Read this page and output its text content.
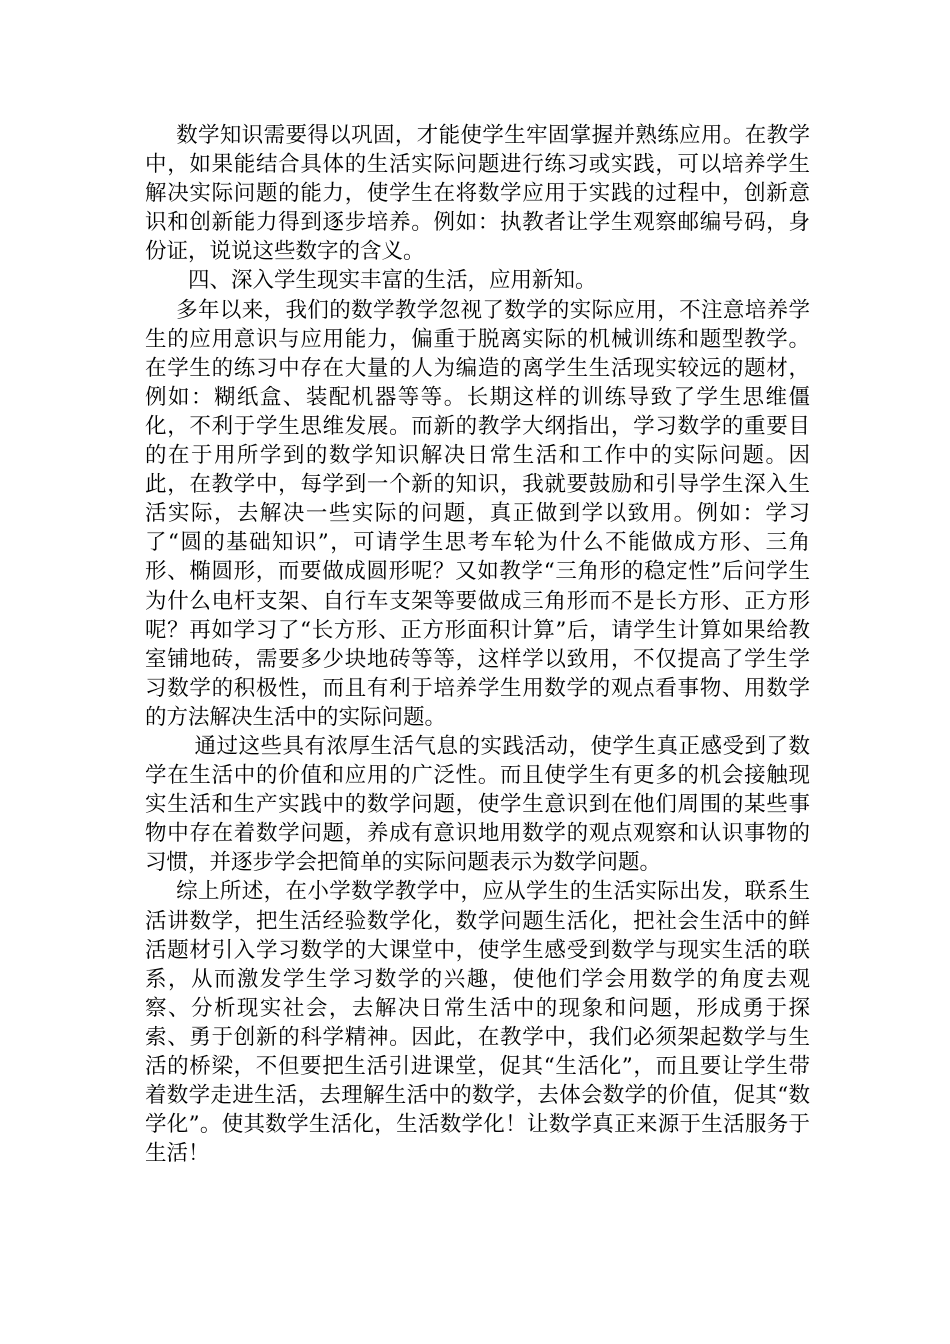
数学知识需要得以巩固，才能使学生牢固掌握并熟练应用。在教学中，如果能结合具体的生活实际问题进行练习或实践，可以培养学生解决实际问题的能力，使学生在将数学应用于实践的过程中，创新意识和创新能力得到逐步培养。例如：执教者让学生观察邮编号码，身份证，说说这些数字的含义。

四、深入学生现实丰富的生活，应用新知。

多年以来，我们的数学教学忽视了数学的实际应用，不注意培养学生的应用意识与应用能力，偏重于脱离实际的机械训练和题型教学。在学生的练习中存在大量的人为编造的离学生生活现实较远的题材，例如：糊纸盒、装配机器等等。长期这样的训练导致了学生思维僵化，不利于学生思维发展。而新的教学大纲指出，学习数学的重要目的在于用所学到的数学知识解决日常生活和工作中的实际问题。因此，在教学中，每学到一个新的知识，我就要鼓励和引导学生深入生活实际，去解决一些实际的问题，真正做到学以致用。例如：学习了“圆的基础知识”，可请学生思考车轮为什么不能做成方形、三角形、椭圆形，而要做成圆形呢？又如教学“三角形的稳定性”后问学生为什么电杆支架、自行车支架等要做成三角形而不是长方形、正方形呢？再如学习了“长方形、正方形面积计算”后，请学生计算如果给教室铺地砖，需要多少块地砖等等，这样学以致用，不仅提高了学生学习数学的积极性，而且有利于培养学生用数学的观点看事物、用数学的方法解决生活中的实际问题。

通过这些具有浓厚生活气息的实践活动，使学生真正感受到了数学在生活中的价值和应用的广泛性。而且使学生有更多的机会接触现实生活和生产实践中的数学问题，使学生意识到在他们周围的某些事物中存在着数学问题，养成有意识地用数学的观点观察和认识事物的习惯，并逐步学会把简单的实际问题表示为数学问题。

综上所述，在小学数学教学中，应从学生的生活实际出发，联系生活讲数学，把生活经验数学化，数学问题生活化，把社会生活中的鲜活题材引入学习数学的大课堂中，使学生感受到数学与现实生活的联系，从而激发学生学习数学的兴趣，使他们学会用数学的角度去观察、分析现实社会，去解决日常生活中的现象和问题，形成勇于探索、勇于创新的科学精神。因此，在教学中，我们必须架起数学与生活的桥梁，不但要把生活引进课堂，促其“生活化”，而且要让学生带着数学走进生活，去理解生活中的数学，去体会数学的价值，促其“数学化”。使其数学生活化，生活数学化！让数学真正来源于生活服务于生活！
